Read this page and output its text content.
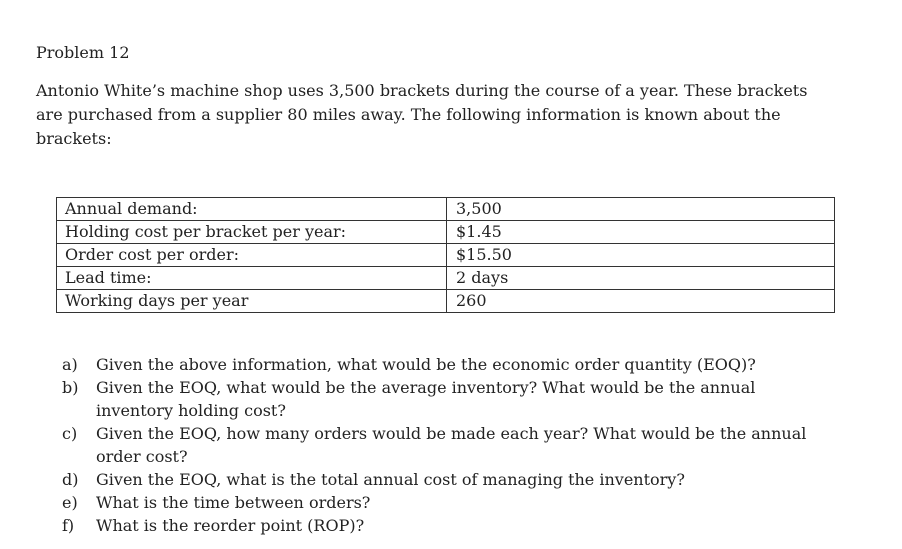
Problem 12
Antonio White’s machine shop uses 3,500 brackets during the course of a year. These brackets
are purchased from a supplier 80 miles away. The following information is known about the
brackets:
Annual demand:	3,500
Holding cost per bracket per year:	$1.45
Order cost per order:	$15.50
Lead time:	2 days
Working days per year	260
a) Given the above information, what would be the economic order quantity (EOQ)?
b) Given the EOQ, what would be the average inventory? What would be the annual
inventory holding cost?
c) Given the EOQ, how many orders would be made each year? What would be the annual
order cost?
d) Given the EOQ, what is the total annual cost of managing the inventory?
e) What is the time between orders?
f) What is the reorder point (ROP)?
